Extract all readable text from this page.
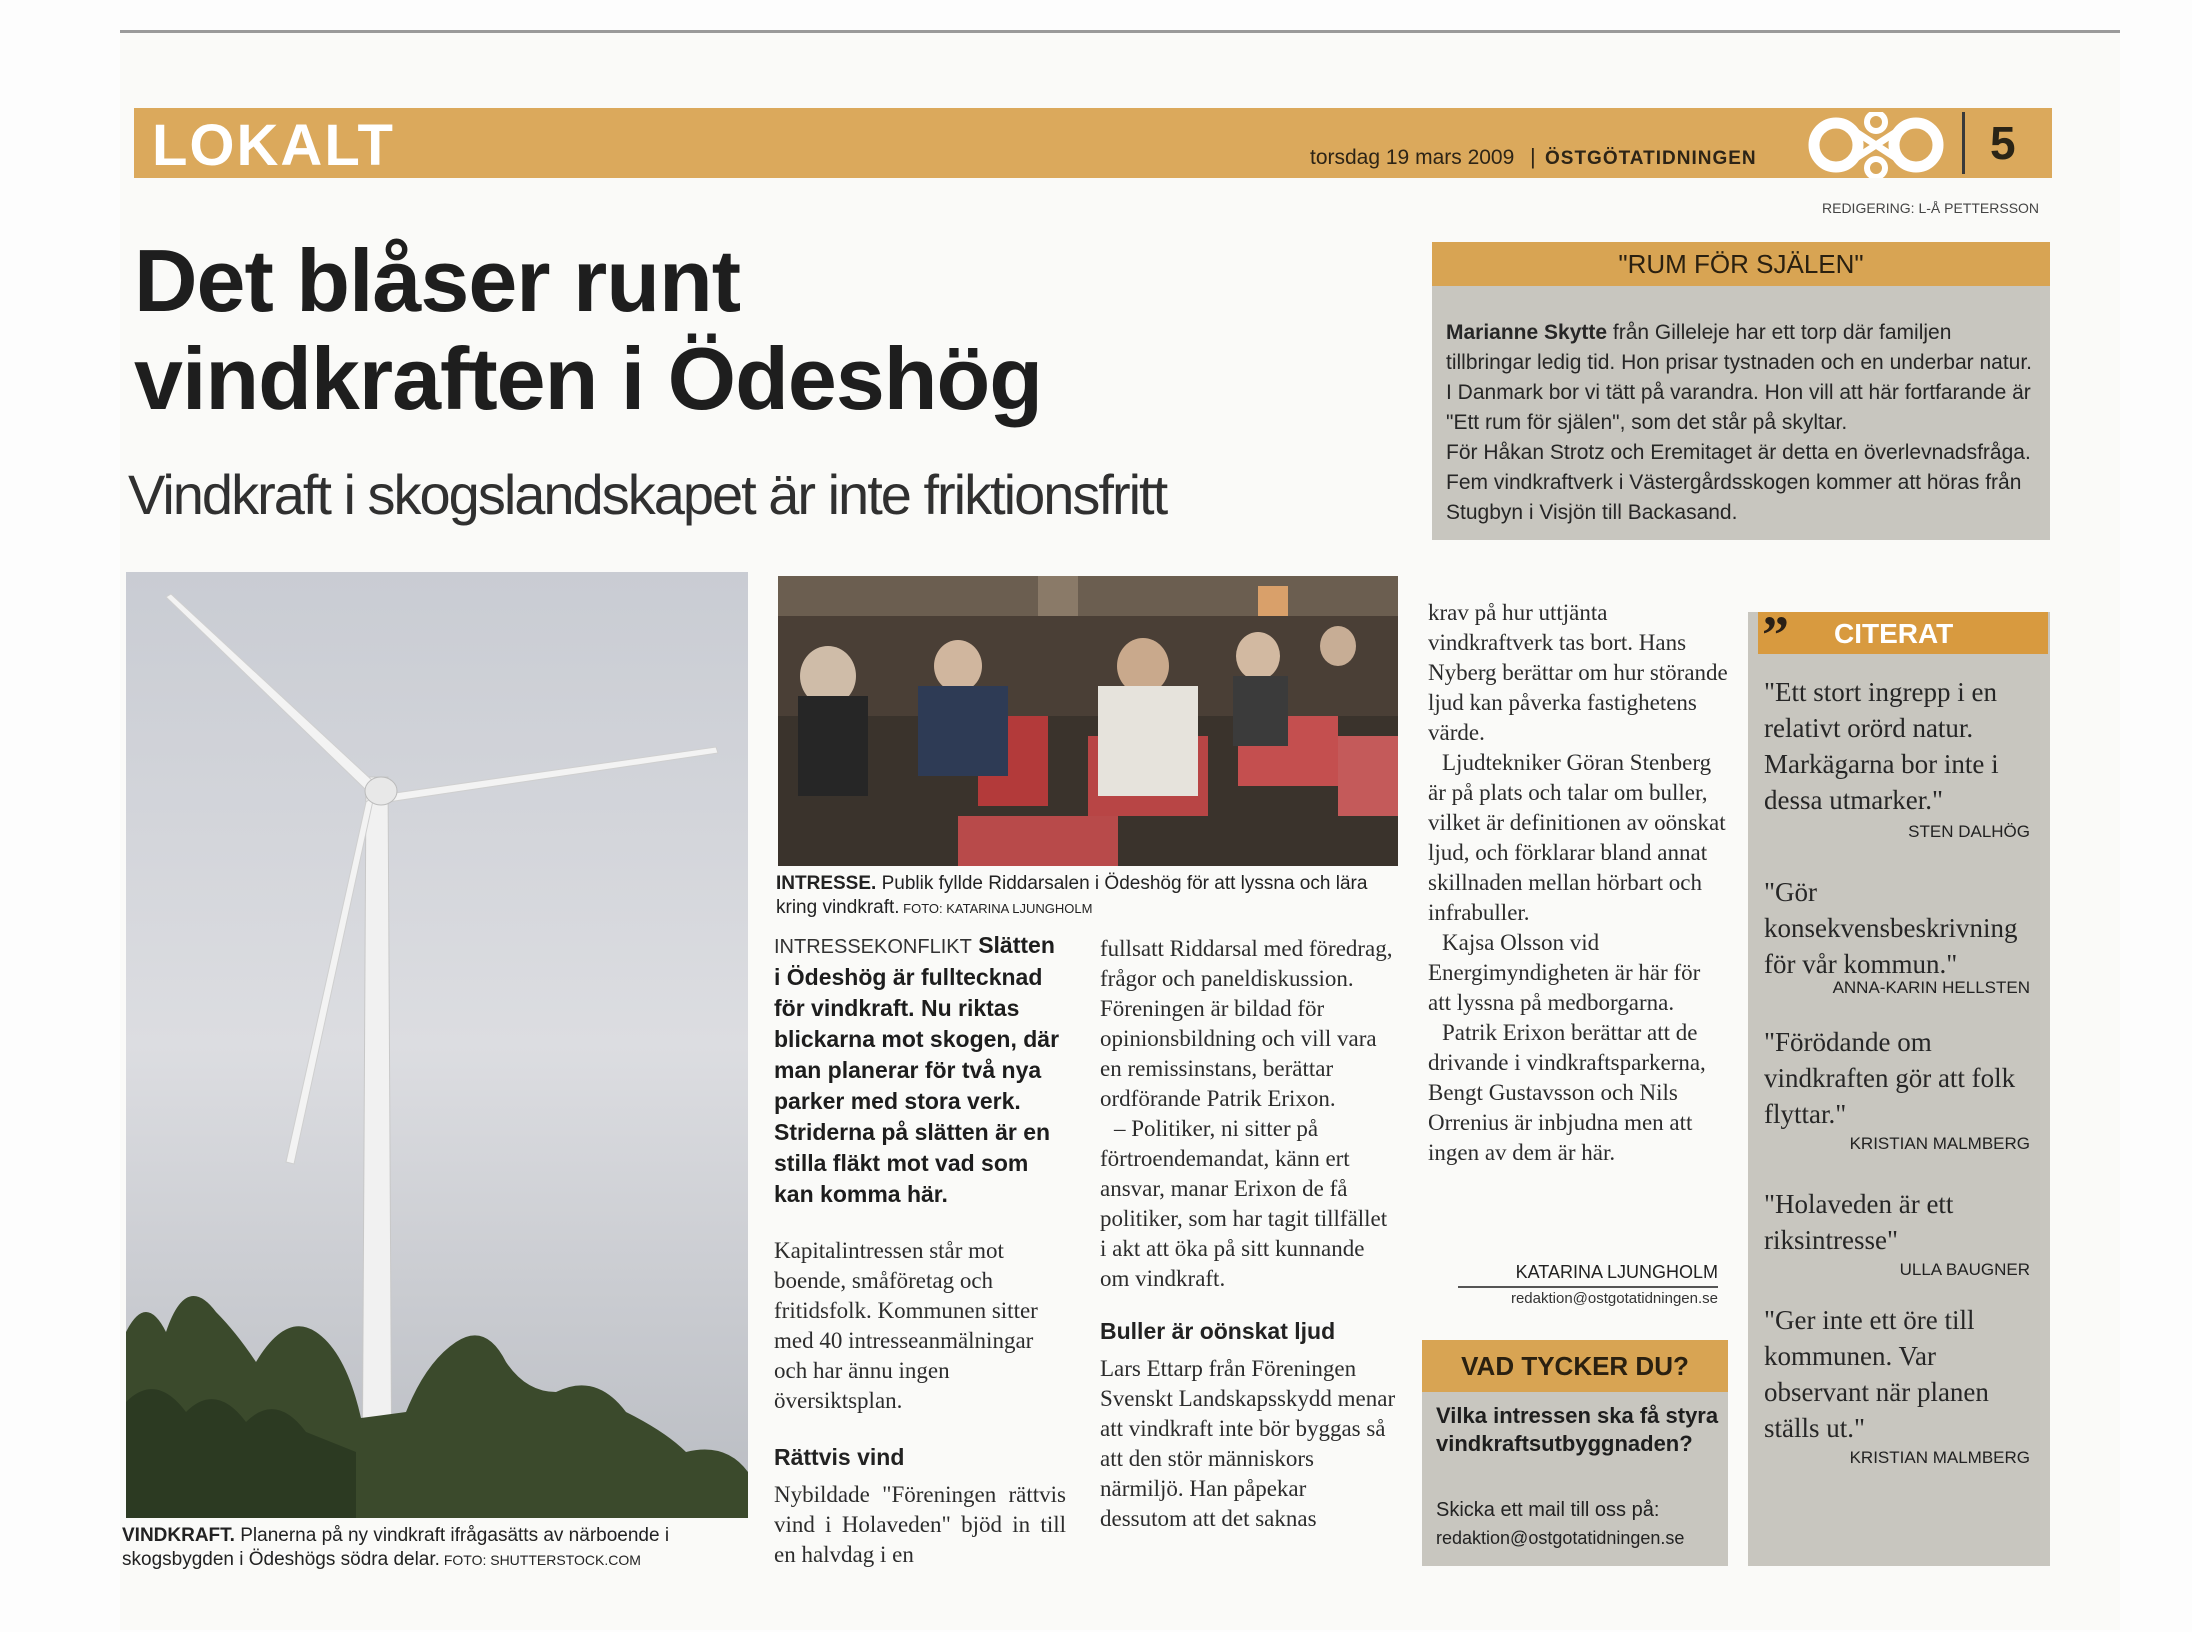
LOKALT	torsdag 19 mars 2009 | ÖSTGÖTATIDNINGEN	5
REDIGERING: L-Å PETTERSSON
Det blåser runt
vindkraften i Ödeshög
Vindkraft i skogslandskapet är inte friktionsfritt
VINDKRAFT. Planerna på ny vindkraft ifrågasätts av närboende i skogsbygden i Ödeshögs södra delar. FOTO: SHUTTERSTOCK.COM
INTRESSE. Publik fyllde Riddarsalen i Ödeshög för att lyssna och lära kring vindkraft. FOTO: KATARINA LJUNGHOLM
INTRESSEKONFLIKT Slätten i Ödeshög är fulltecknad för vindkraft. Nu riktas blickarna mot skogen, där man planerar för två nya parker med stora verk. Striderna på slätten är en stilla fläkt mot vad som kan komma här.
Kapitalintressen står mot boende, småföretag och fritidsfolk. Kommunen sitter med 40 intresseanmälningar och har ännu ingen översiktsplan.
Rättvis vind
Nybildade "Föreningen rättvis vind i Holaveden" bjöd in till en halvdag i en
fullsatt Riddarsal med föredrag, frågor och paneldiskussion. Föreningen är bildad för opinionsbildning och vill vara en remissinstans, berättar ordförande Patrik Erixon.
– Politiker, ni sitter på förtroendemandat, känn ert ansvar, manar Erixon de få politiker, som har tagit tillfället i akt att öka på sitt kunnande om vindkraft.
Buller är oönskat ljud
Lars Ettarp från Föreningen Svenskt Landskapsskydd menar att vindkraft inte bör byggas så att den stör människors närmiljö. Han påpekar dessutom att det saknas
krav på hur uttjänta vindkraftverk tas bort. Hans Nyberg berättar om hur störande ljud kan påverka fastighetens värde.
Ljudtekniker Göran Stenberg är på plats och talar om buller, vilket är definitionen av oönskat ljud, och förklarar bland annat skillnaden mellan hörbart och infrabuller.
Kajsa Olsson vid Energimyndigheten är här för att lyssna på medborgarna.
Patrik Erixon berättar att de drivande i vindkraftsparkerna, Bengt Gustavsson och Nils Orrenius är inbjudna men att ingen av dem är här.
KATARINA LJUNGHOLM
redaktion@ostgotatidningen.se
"RUM FÖR SJÄLEN"
Marianne Skytte från Gilleleje har ett torp där familjen tillbringar ledig tid. Hon prisar tystnaden och en underbar natur. I Danmark bor vi tätt på varandra. Hon vill att här fortfarande är "Ett rum för själen", som det står på skyltar.
För Håkan Strotz och Eremitaget är detta en överlevnadsfråga. Fem vindkraftverk i Västergårdsskogen kommer att höras från Stugbyn i Visjön till Backasand.
VAD TYCKER DU?
Vilka intressen ska få styra vindkraftsutbyggnaden?
Skicka ett mail till oss på:
redaktion@ostgotatidningen.se
” CITERAT
"Ett stort ingrepp i en relativt orörd natur. Markägarna bor inte i dessa utmarker."
STEN DALHÖG
"Gör konsekvensbeskrivning för vår kommun."
ANNA-KARIN HELLSTEN
"Förödande om vindkraften gör att folk flyttar."
KRISTIAN MALMBERG
"Holaveden är ett riksintresse"
ULLA BAUGNER
"Ger inte ett öre till kommunen. Var observant när planen ställs ut."
KRISTIAN MALMBERG
